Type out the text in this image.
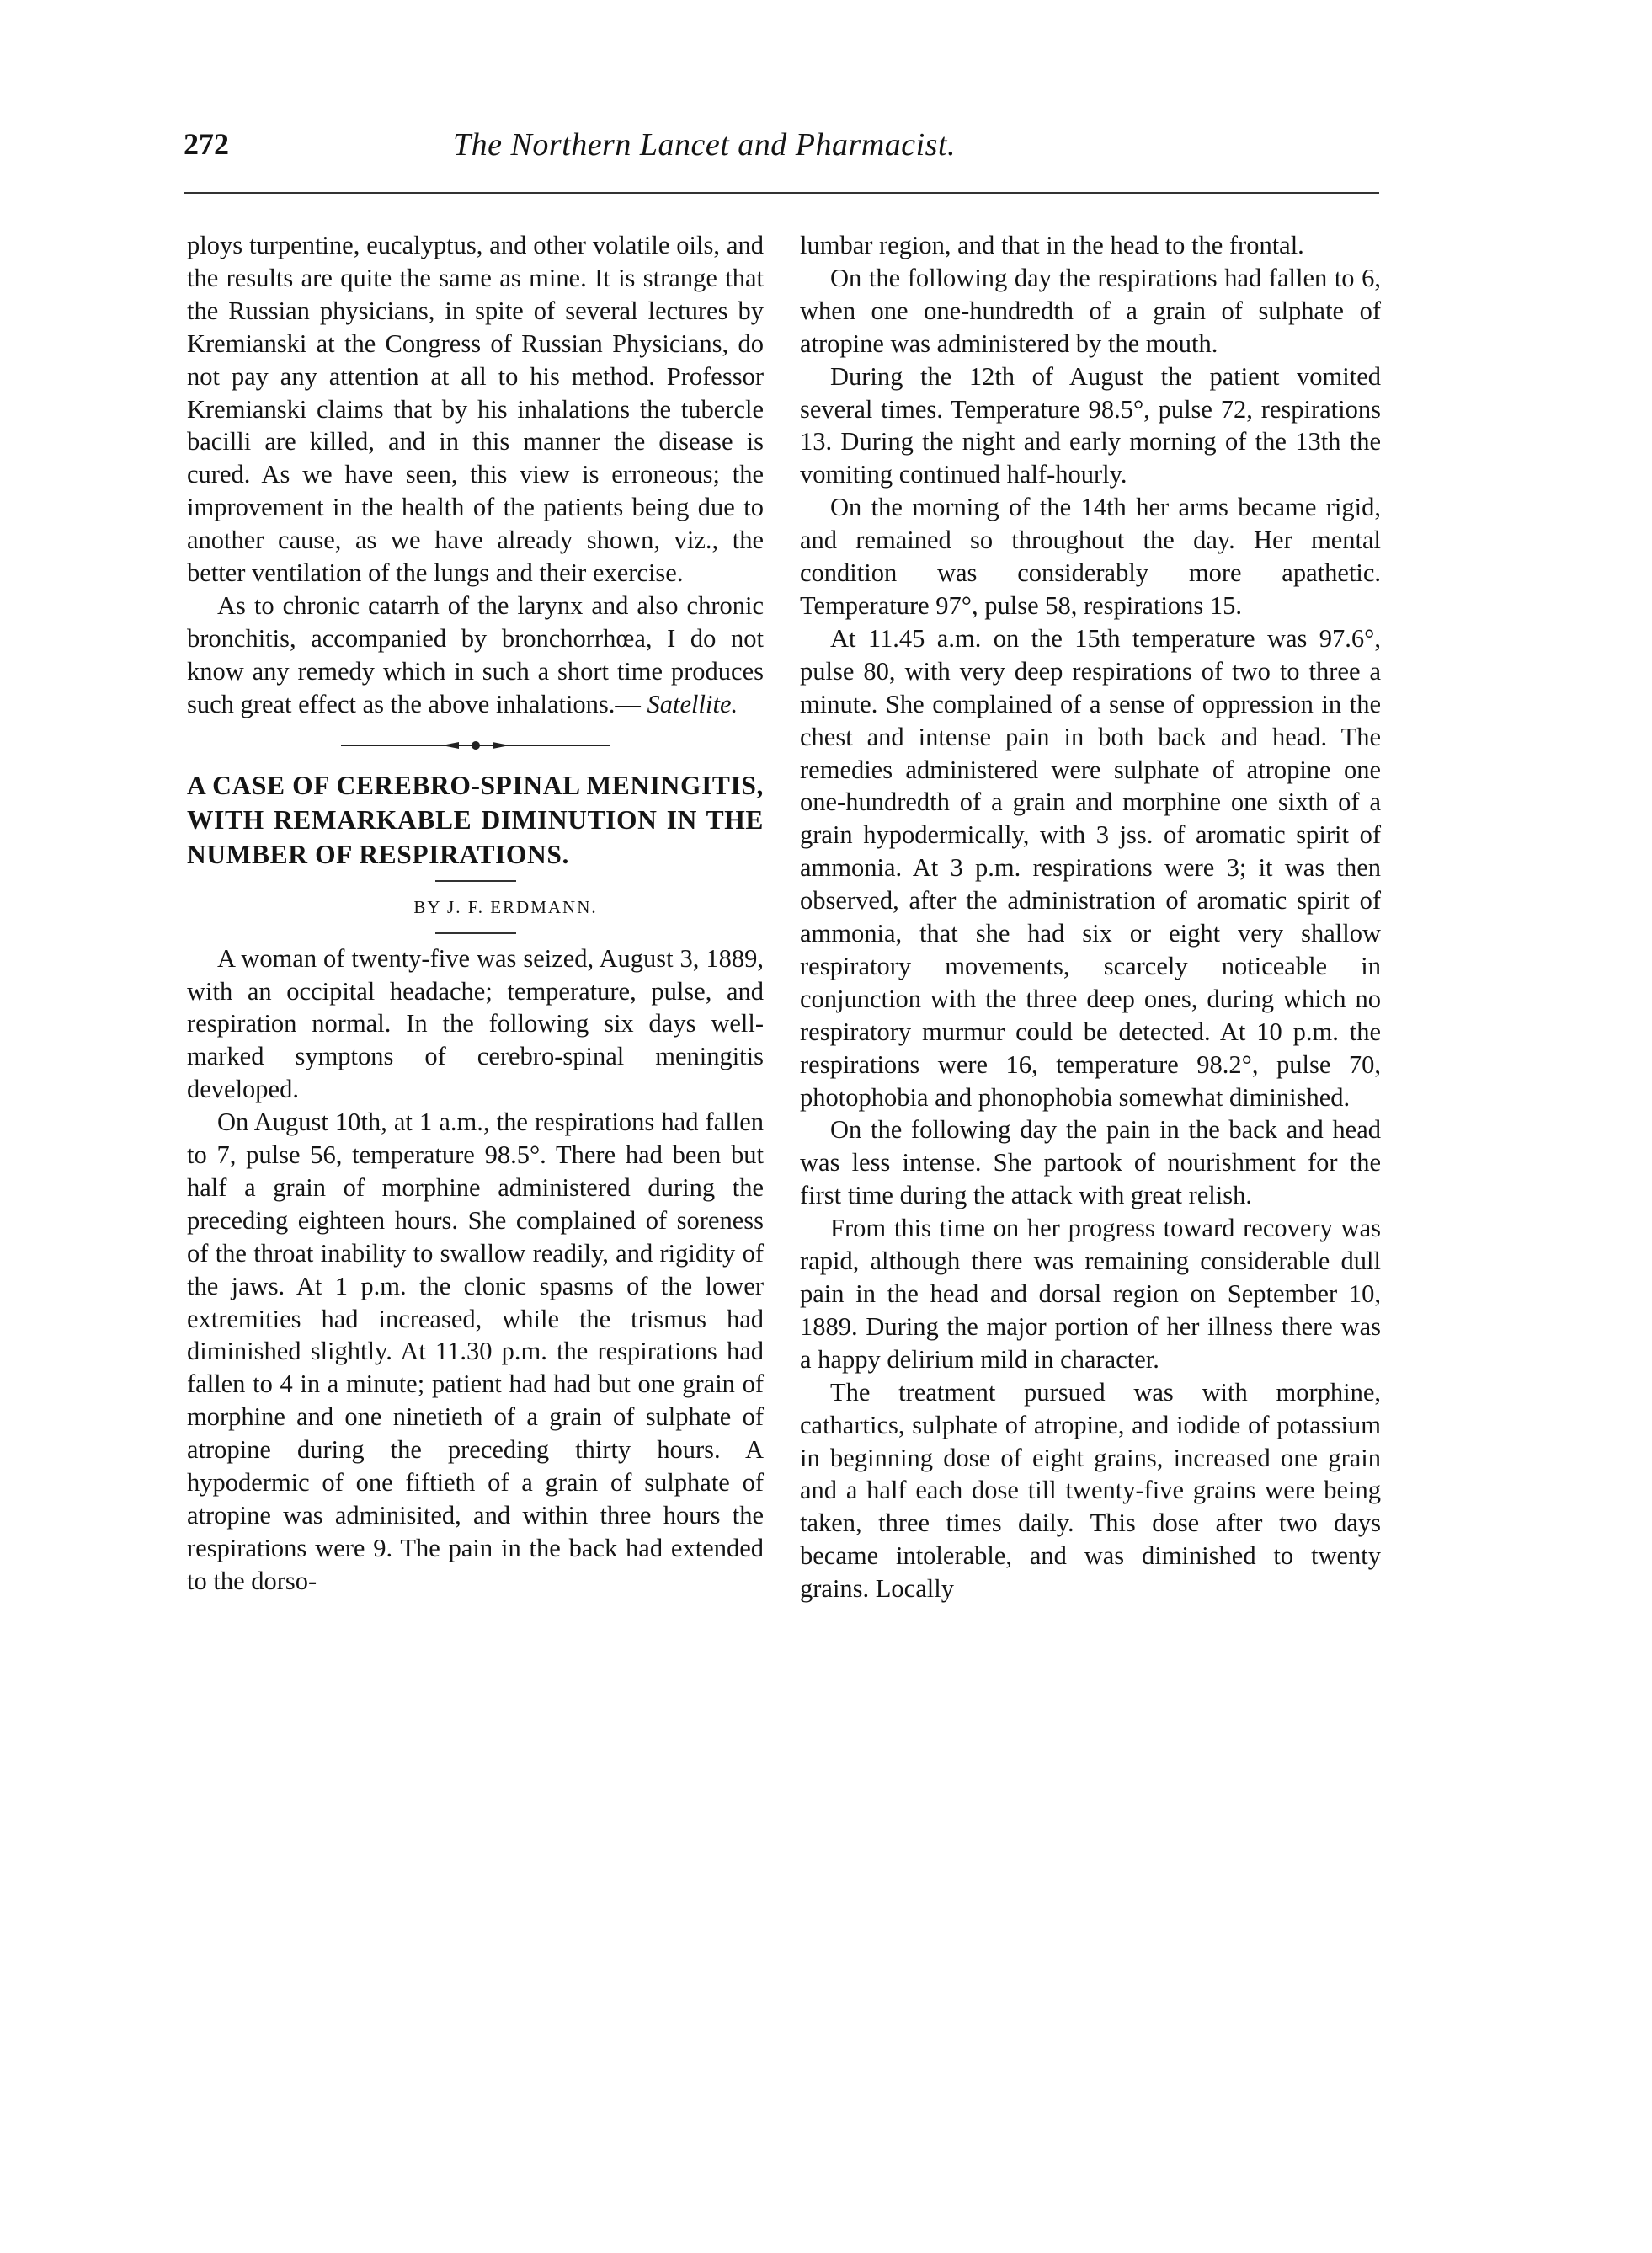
272	The Northern Lancet and Pharmacist.

ploys turpentine, eucalyptus, and other volatile oils, and the results are quite the same as mine. It is strange that the Russian physicians, in spite of several lectures by Kremianski at the Congress of Russian Physicians, do not pay any attention at all to his method. Professor Kremianski claims that by his inhalations the tubercle bacilli are killed, and in this manner the disease is cured. As we have seen, this view is erroneous; the improvement in the health of the patients being due to another cause, as we have already shown, viz., the better ventilation of the lungs and their exercise.

As to chronic catarrh of the larynx and also chronic bronchitis, accompanied by bronchorrhœa, I do not know any remedy which in such a short time produces such great effect as the above inhalations.— Satellite.

A CASE OF CEREBRO-SPINAL MENINGITIS, WITH REMARKABLE DIMINUTION IN THE NUMBER OF RESPIRATIONS.

BY J. F. ERDMANN.

A woman of twenty-five was seized, August 3, 1889, with an occipital headache; temperature, pulse, and respiration normal. In the following six days well-marked symptons of cerebro-spinal meningitis developed.

On August 10th, at 1 a.m., the respirations had fallen to 7, pulse 56, temperature 98.5°. There had been but half a grain of morphine administered during the preceding eighteen hours. She complained of soreness of the throat inability to swallow readily, and rigidity of the jaws. At 1 p.m. the clonic spasms of the lower extremities had increased, while the trismus had diminished slightly. At 11.30 p.m. the respirations had fallen to 4 in a minute; patient had had but one grain of morphine and one ninetieth of a grain of sulphate of atropine during the preceding thirty hours. A hypodermic of one fiftieth of a grain of sulphate of atropine was adminisited, and within three hours the respirations were 9. The pain in the back had extended to the dorso-

lumbar region, and that in the head to the frontal.

On the following day the respirations had fallen to 6, when one one-hundredth of a grain of sulphate of atropine was administered by the mouth.

During the 12th of August the patient vomited several times. Temperature 98.5°, pulse 72, respirations 13. During the night and early morning of the 13th the vomiting continued half-hourly.

On the morning of the 14th her arms became rigid, and remained so throughout the day. Her mental condition was considerably more apathetic. Temperature 97°, pulse 58, respirations 15.

At 11.45 a.m. on the 15th temperature was 97.6°, pulse 80, with very deep respirations of two to three a minute. She complained of a sense of oppression in the chest and intense pain in both back and head. The remedies administered were sulphate of atropine one one-hundredth of a grain and morphine one sixth of a grain hypodermically, with 3 jss. of aromatic spirit of ammonia. At 3 p.m. respirations were 3; it was then observed, after the administration of aromatic spirit of ammonia, that she had six or eight very shallow respiratory movements, scarcely noticeable in conjunction with the three deep ones, during which no respiratory murmur could be detected. At 10 p.m. the respirations were 16, temperature 98.2°, pulse 70, photophobia and phonophobia somewhat diminished.

On the following day the pain in the back and head was less intense. She partook of nourishment for the first time during the attack with great relish.

From this time on her progress toward recovery was rapid, although there was remaining considerable dull pain in the head and dorsal region on September 10, 1889. During the major portion of her illness there was a happy delirium mild in character.

The treatment pursued was with morphine, cathartics, sulphate of atropine, and iodide of potassium in beginning dose of eight grains, increased one grain and a half each dose till twenty-five grains were being taken, three times daily. This dose after two days became intolerable, and was diminished to twenty grains. Locally
